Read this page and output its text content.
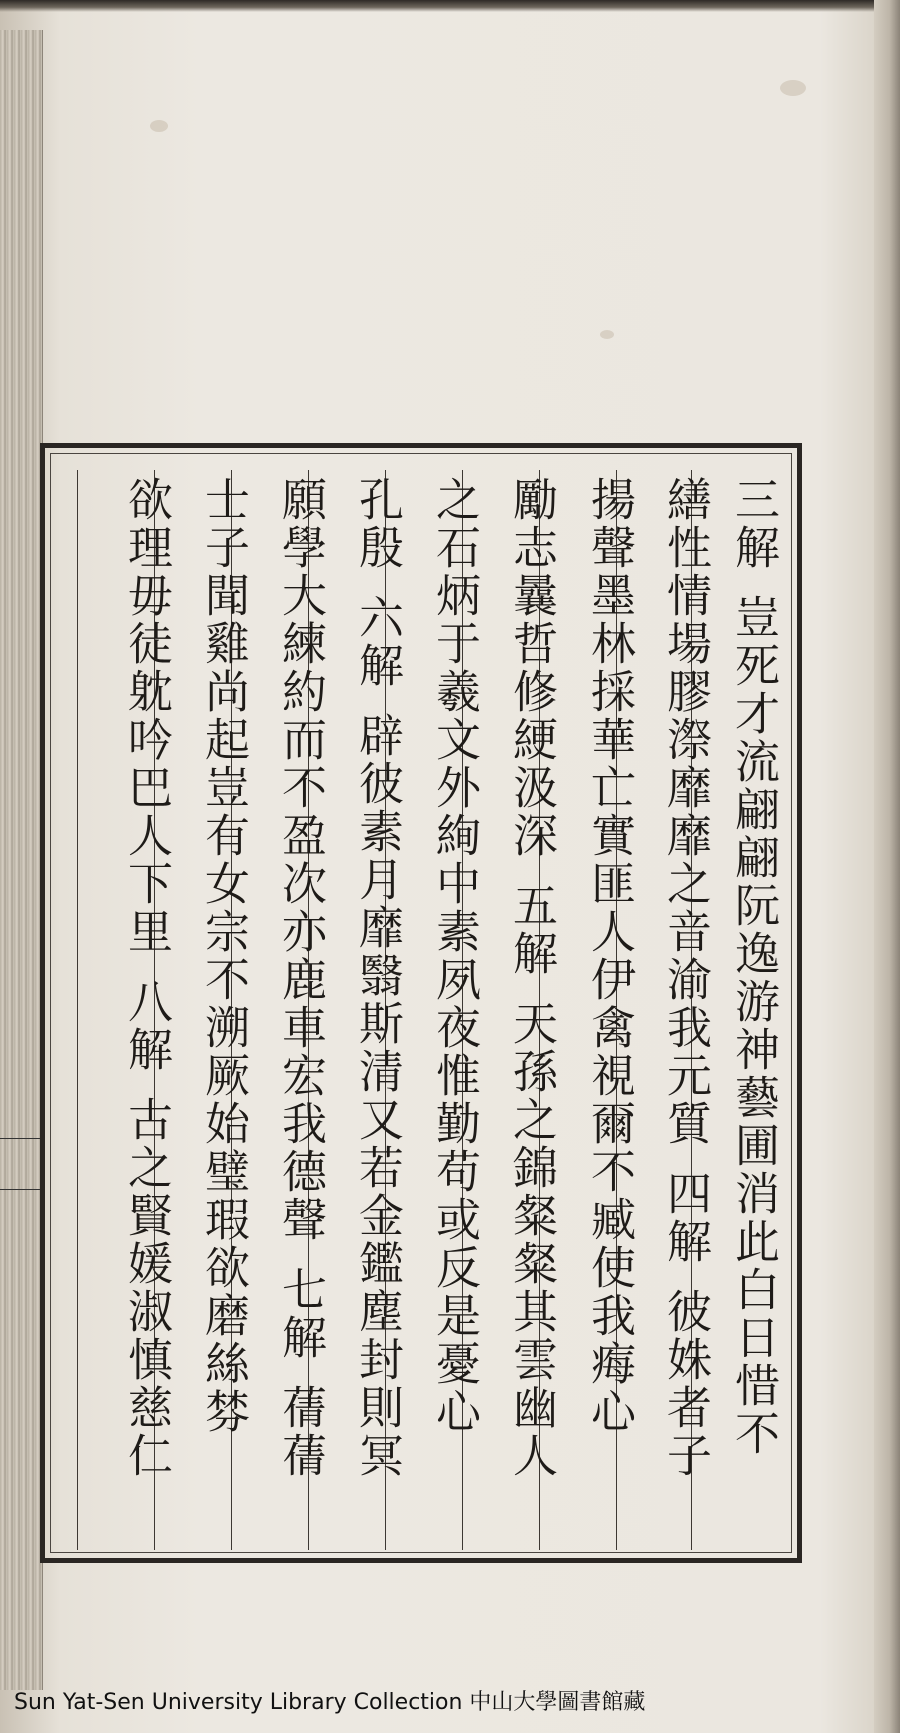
三解豈死才流翩翩阮逸游神藝圃消此白日惜不
繕性情場膠漈靡靡之音渝我元質四解彼姝者子
揚聲墨林採華亡實匪人伊禽視爾不臧使我痗心
勵志曩哲修綆汲深五解天孫之錦粲粲其雲幽人
之石炳于羲文外絢中素夙夜惟勤苟或反是憂心
孔殷六解辟彼素月靡翳斯清又若金鑑塵封則冥
願學大練約而不盈次亦鹿車宏我德聲七解蒨蒨
士子聞雞尚起豈有女宗不溯厥始璧瑕欲磨絲棼
欲理毋徒躭吟巴人下里八解古之賢媛淑慎慈仁
Sun Yat-Sen University Library Collection 中山大學圖書館藏
